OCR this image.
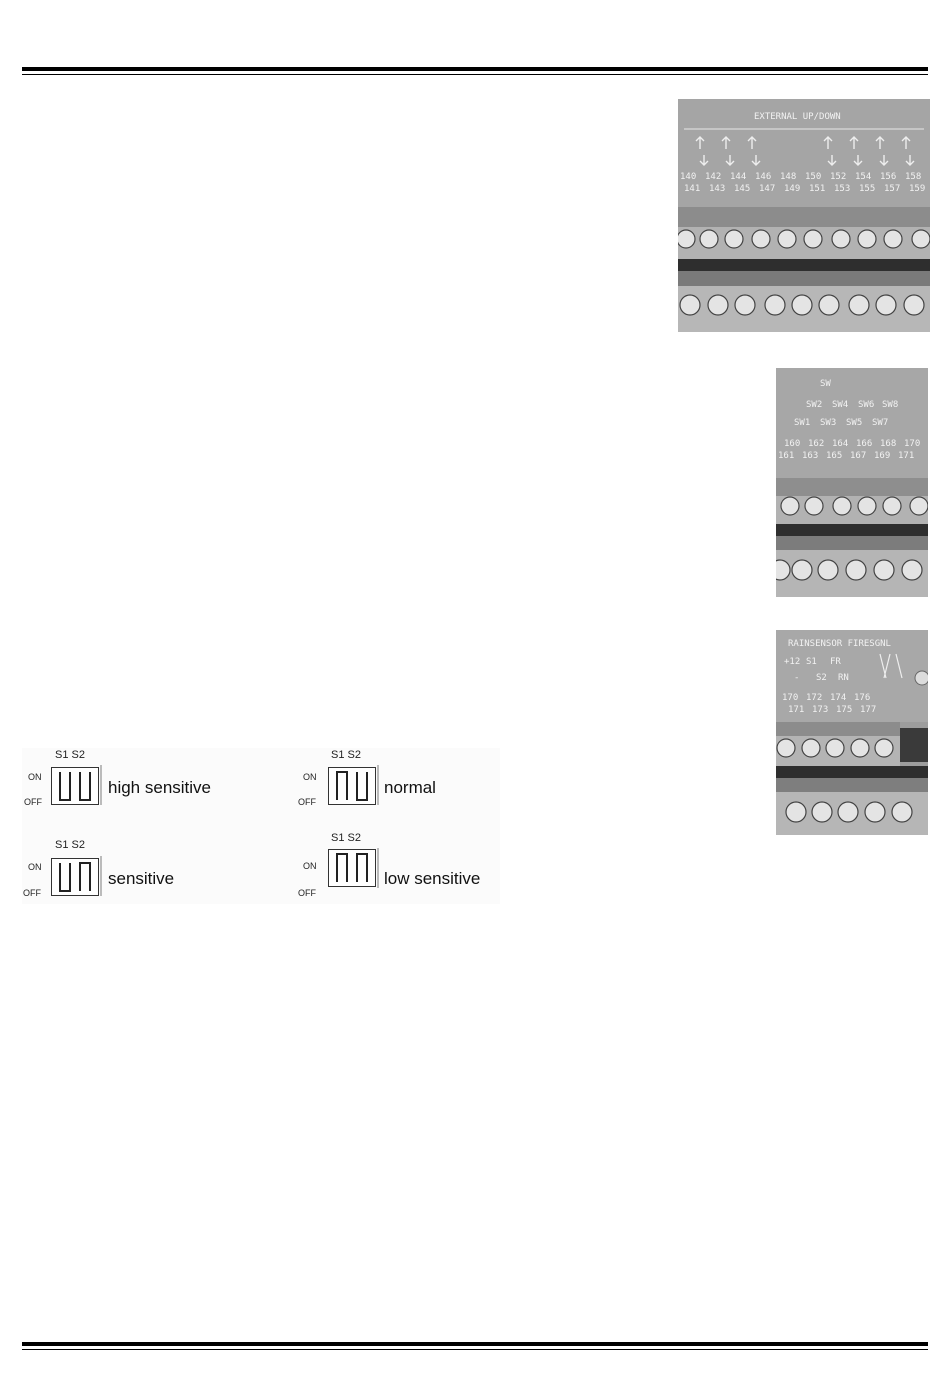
EXTERNAL UP/DOWN
140 142 144 146 148 150 152 154 156 158
141 143 145 147 149 151 153 155 157 159
SW
SW2 SW4 SW6 SW8
SW1 SW3 SW5 SW7
160 162 164 166 168 170
161 163 165 167 169 171
RAINSENSOR FIRESGNL
+12 S1 FR
- S2 RN
170 172 174 176
171 173 175 177
S1 S2
ON
OFF
high sensitive
S1 S2
ON
OFF
normal
S1 S2
ON
OFF
sensitive
S1 S2
ON
OFF
low sensitive
